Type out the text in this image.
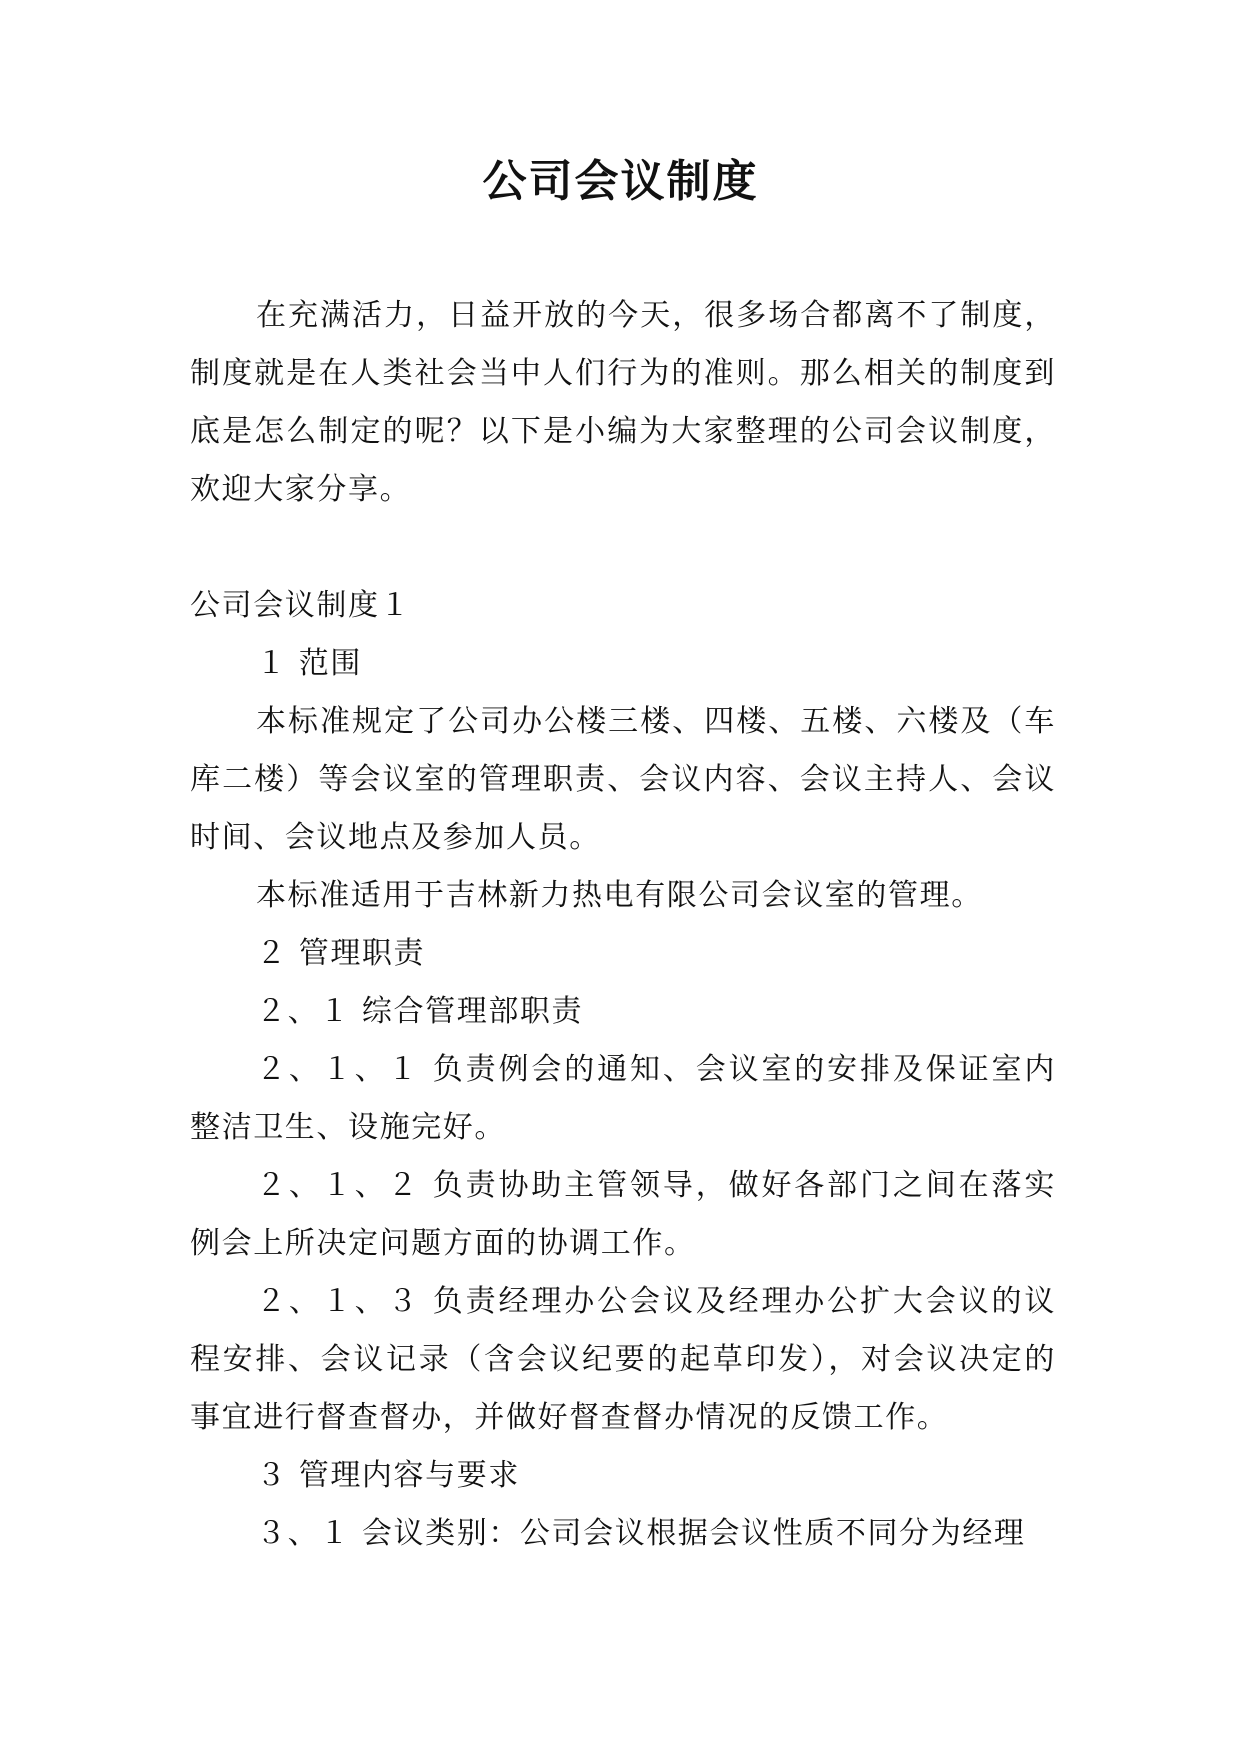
公司会议制度

在充满活力，日益开放的今天，很多场合都离不了制度，制度就是在人类社会当中人们行为的准则。那么相关的制度到底是怎么制定的呢？以下是小编为大家整理的公司会议制度，欢迎大家分享。

公司会议制度１

１ 范围

本标准规定了公司办公楼三楼、四楼、五楼、六楼及（车库二楼）等会议室的管理职责、会议内容、会议主持人、会议时间、会议地点及参加人员。

本标准适用于吉林新力热电有限公司会议室的管理。

２ 管理职责

２、１ 综合管理部职责

２、１、１ 负责例会的通知、会议室的安排及保证室内整洁卫生、设施完好。

２、１、２ 负责协助主管领导，做好各部门之间在落实例会上所决定问题方面的协调工作。

２、１、３ 负责经理办公会议及经理办公扩大会议的议程安排、会议记录（含会议纪要的起草印发），对会议决定的事宜进行督查督办，并做好督查督办情况的反馈工作。

３ 管理内容与要求

３、１ 会议类别：公司会议根据会议性质不同分为经理
